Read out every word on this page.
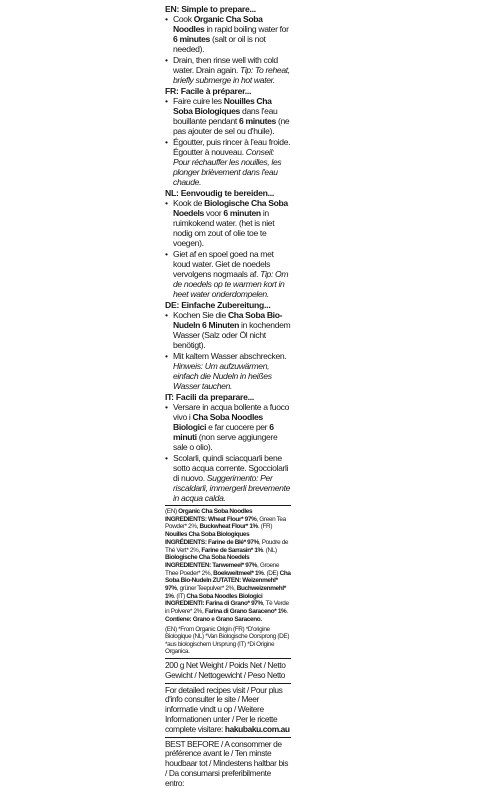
EN: Simple to prepare...
• Cook Organic Cha Soba Noodles in rapid boiling water for 6 minutes (salt or oil is not needed).
• Drain, then rinse well with cold water. Drain again. Tip: To reheat, briefly submerge in hot water.
FR: Facile à préparer...
• Faire cuire les Nouilles Cha Soba Biologiques dans l'eau bouillante pendant 6 minutes (ne pas ajouter de sel ou d'huile).
• Égoutter, puis rincer à l'eau froide. Égoutter à nouveau. Conseil: Pour réchauffer les nouilles, les plonger brièvement dans l'eau chaude.
NL: Eenvoudig te bereiden...
• Kook de Biologische Cha Soba Noedels voor 6 minuten in ruimkokend water. (het is niet nodig om zout of olie toe te voegen).
• Giet af en spoel goed na met koud water. Giet de noedels vervolgens nogmaals af. Tip: Om de noedels op te warmen kort in heet water onderdompelen.
DE: Einfache Zubereitung...
• Kochen Sie die Cha Soba Bio-Nudeln 6 Minuten in kochendem Wasser (Salz oder Öl nicht benötigt).
• Mit kaltem Wasser abschrecken. Hinweis: Um aufzuwärmen, einfach die Nudeln in heißes Wasser tauchen.
IT: Facili da preparare...
• Versare in acqua bollente a fuoco vivo i Cha Soba Noodles Biologici e far cuocere per 6 minuti (non serve aggiungere sale o olio).
• Scolarli, quindi sciacquarli bene sotto acqua corrente. Sgocciolarli di nuovo. Suggerimento: Per riscaldarli, immergerli brevemente in acqua calda.
(EN) Organic Cha Soba Noodles INGREDIENTS: Wheat Flour* 97%, Green Tea Powder* 2%, Buckwheat Flour* 1%. (FR) Nouilles Cha Soba Biologiques INGRÉDIENTS: Farine de Blé* 97%, Poudre de Thé Vert* 2%, Farine de Sarrasin* 1%. (NL) Biologische Cha Soba Noedels INGREDIENTEN: Tarwemeel* 97%, Groene Thee Poeder* 2%, Boekweitmeel* 1%. (DE) Cha Soba Bio-Nudeln ZUTATEN: Weizenmehl* 97%, grüner Teepulver* 2%, Buchweizenmehl* 1%. (IT) Cha Soba Noodles Biologici INGREDIENTI: Farina di Grano* 97%, Tè Verde in Polvere* 2%, Farina di Grano Saraceno* 1%. Contiene: Grano e Grano Saraceno.
(EN) *From Organic Origin (FR) *D'origine Biologique (NL) *Van Biologische Oorsprong (DE) *aus biologischem Ursprung (IT) *Di Origine Organica.
200 g Net Weight / Poids Net / Netto Gewicht / Nettogewicht / Peso Netto
For detailed recipes visit / Pour plus d'info consulter le site / Meer informatie vindt u op / Weitere Informationen unter / Per le ricette complete visitare: hakubaku.com.au
BEST BEFORE / A consommer de préférence avant le / Ten minste houdbaar tot / Mindestens haltbar bis / Da consumarsi preferibilmente entro:
